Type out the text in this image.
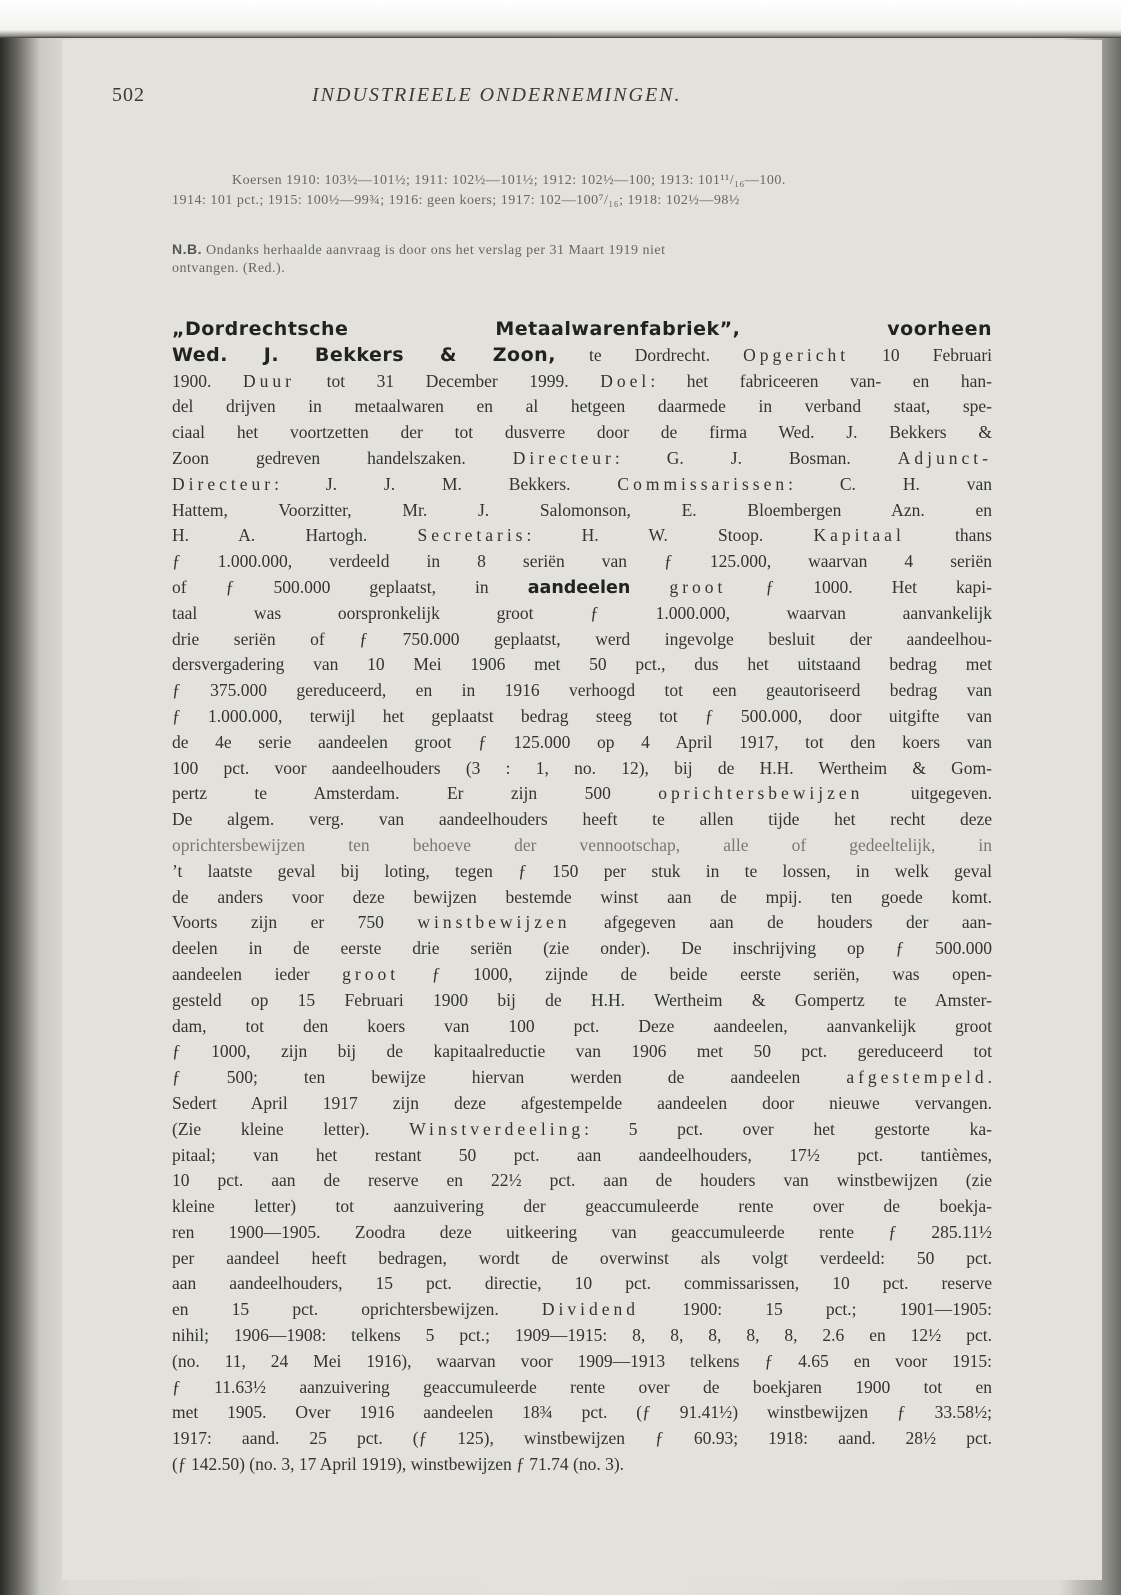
502	INDUSTRIEELE ONDERNEMINGEN.
Koersen 1910: 103½—101½; 1911: 102½—101½; 1912: 102½—100; 1913: 101¹¹/₁₆—100.
1914: 101 pct.; 1915: 100½—99¾; 1916: geen koers; 1917: 102—100⁷/₁₆; 1918: 102½—98½
N.B. Ondanks herhaalde aanvraag is door ons het verslag per 31 Maart 1919 niet
ontvangen. (Red.).
„Dordrechtsche Metaalwarenfabriek”, voorheen
Wed. J. Bekkers & Zoon, te Dordrecht. Opgericht 10 Februari
1900. Duur tot 31 December 1999. Doel: het fabriceeren van- en han-
del drijven in metaalwaren en al hetgeen daarmede in verband staat, spe-
ciaal het voortzetten der tot dusverre door de firma Wed. J. Bekkers &
Zoon gedreven handelszaken. Directeur: G. J. Bosman. Adjunct-
Directeur: J. J. M. Bekkers. Commissarissen: C. H. van
Hattem, Voorzitter, Mr. J. Salomonson, E. Bloembergen Azn. en
H. A. Hartogh. Secretaris: H. W. Stoop. Kapitaal thans
ƒ 1.000.000, verdeeld in 8 seriën van ƒ 125.000, waarvan 4 seriën
of ƒ 500.000 geplaatst, in aandeelen groot ƒ 1000. Het kapi-
taal was oorspronkelijk groot ƒ 1.000.000, waarvan aanvankelijk
drie seriën of ƒ 750.000 geplaatst, werd ingevolge besluit der aandeelhou-
dersvergadering van 10 Mei 1906 met 50 pct., dus het uitstaand bedrag met
ƒ 375.000 gereduceerd, en in 1916 verhoogd tot een geautoriseerd bedrag van
ƒ 1.000.000, terwijl het geplaatst bedrag steeg tot ƒ 500.000, door uitgifte van
de 4e serie aandeelen groot ƒ 125.000 op 4 April 1917, tot den koers van
100 pct. voor aandeelhouders (3 : 1, no. 12), bij de H.H. Wertheim & Gom-
pertz te Amsterdam. Er zijn 500 oprichtersbewijzen uitgegeven.
De algem. verg. van aandeelhouders heeft te allen tijde het recht deze
oprichtersbewijzen ten behoeve der vennootschap, alle of gedeeltelijk, in
’t laatste geval bij loting, tegen ƒ 150 per stuk in te lossen, in welk geval
de anders voor deze bewijzen bestemde winst aan de mpij. ten goede komt.
Voorts zijn er 750 winstbewijzen afgegeven aan de houders der aan-
deelen in de eerste drie seriën (zie onder). De inschrijving op ƒ 500.000
aandeelen ieder groot ƒ 1000, zijnde de beide eerste seriën, was open-
gesteld op 15 Februari 1900 bij de H.H. Wertheim & Gompertz te Amster-
dam, tot den koers van 100 pct. Deze aandeelen, aanvankelijk groot
ƒ 1000, zijn bij de kapitaalreductie van 1906 met 50 pct. gereduceerd tot
ƒ 500; ten bewijze hiervan werden de aandeelen afgestempeld.
Sedert April 1917 zijn deze afgestempelde aandeelen door nieuwe vervangen.
(Zie kleine letter). Winstverdeeling: 5 pct. over het gestorte ka-
pitaal; van het restant 50 pct. aan aandeelhouders, 17½ pct. tantièmes,
10 pct. aan de reserve en 22½ pct. aan de houders van winstbewijzen (zie
kleine letter) tot aanzuivering der geaccumuleerde rente over de boekja-
ren 1900—1905. Zoodra deze uitkeering van geaccumuleerde rente ƒ 285.11½
per aandeel heeft bedragen, wordt de overwinst als volgt verdeeld: 50 pct.
aan aandeelhouders, 15 pct. directie, 10 pct. commissarissen, 10 pct. reserve
en 15 pct. oprichtersbewijzen. Dividend 1900: 15 pct.; 1901—1905:
nihil; 1906—1908: telkens 5 pct.; 1909—1915: 8, 8, 8, 8, 8, 2.6 en 12½ pct.
(no. 11, 24 Mei 1916), waarvan voor 1909—1913 telkens ƒ 4.65 en voor 1915:
ƒ 11.63½ aanzuivering geaccumuleerde rente over de boekjaren 1900 tot en
met 1905. Over 1916 aandeelen 18¾ pct. (ƒ 91.41½) winstbewijzen ƒ 33.58½;
1917: aand. 25 pct. (ƒ 125), winstbewijzen ƒ 60.93; 1918: aand. 28½ pct.
(ƒ 142.50) (no. 3, 17 April 1919), winstbewijzen ƒ 71.74 (no. 3).
